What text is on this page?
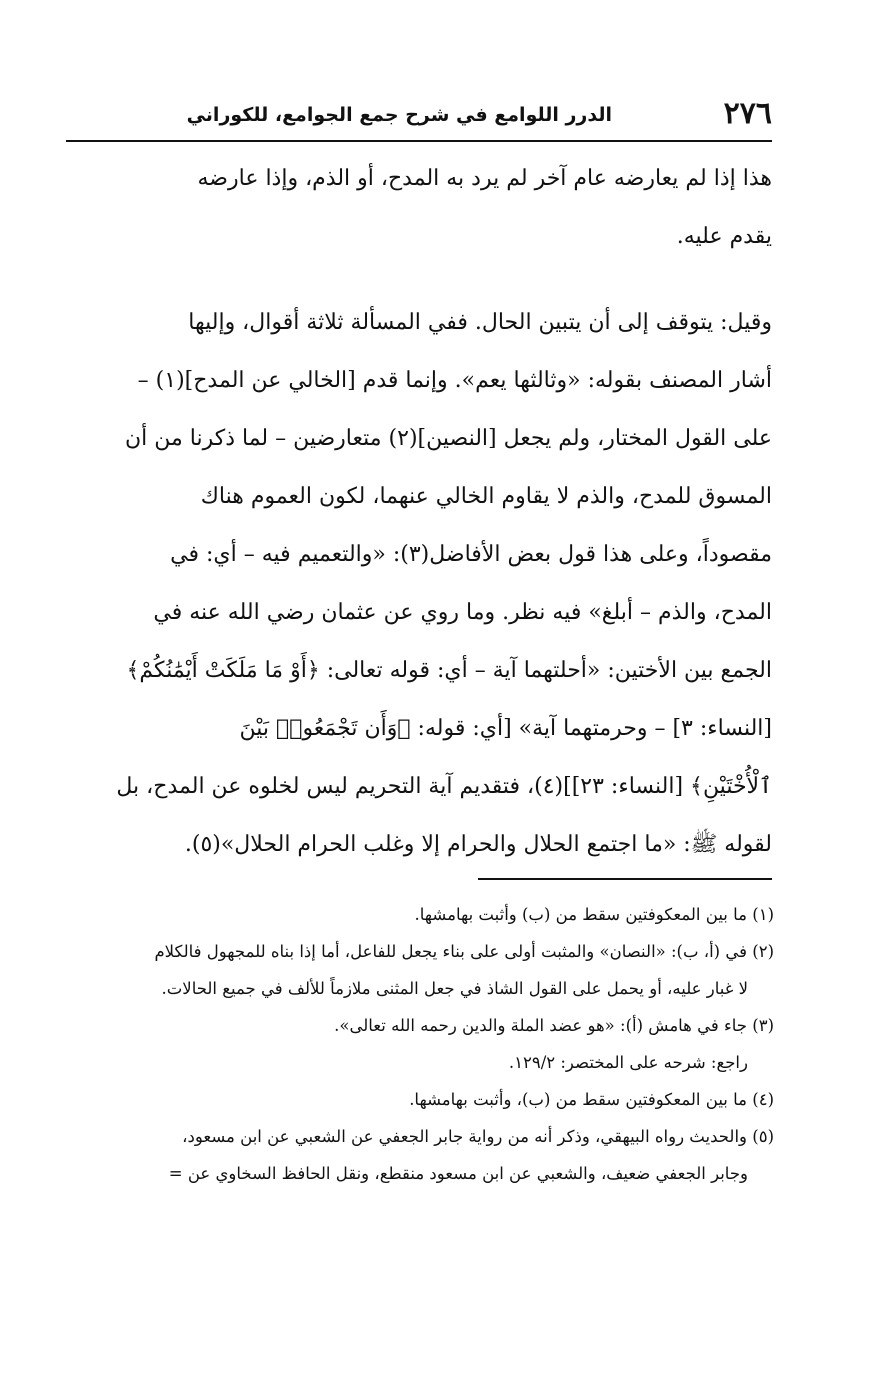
٢٧٦
الدرر اللوامع في شرح جمع الجوامع، للكوراني
هذا إذا لم يعارضه عام آخر لم يرد به المدح، أو الذم، وإذا عارضه
يقدم عليه.
وقيل: يتوقف إلى أن يتبين الحال. ففي المسألة ثلاثة أقوال، وإليها
أشار المصنف بقوله: «وثالثها يعم». وإنما قدم [الخالي عن المدح](١) –
على القول المختار، ولم يجعل [النصين](٢) متعارضين – لما ذكرنا من أن
المسوق للمدح، والذم لا يقاوم الخالي عنهما، لكون العموم هناك
مقصوداً، وعلى هذا قول بعض الأفاضل(٣): «والتعميم فيه – أي: في
المدح، والذم – أبلغ» فيه نظر. وما روي عن عثمان رضي الله عنه في
الجمع بين الأختين: «أحلتهما آية – أي: قوله تعالى: ﴿أَوْ مَا مَلَكَتْ أَيْمَٰنُكُمْ﴾
[النساء: ٣] – وحرمتهما آية» [أي: قوله: ﴿وَأَن تَجْمَعُوا۟ بَيْنَ
ٱلْأُخْتَيْنِ﴾ [النساء: ٢٣]](٤)، فتقديم آية التحريم ليس لخلوه عن المدح، بل
لقوله ﷺ: «ما اجتمع الحلال والحرام إلا وغلب الحرام الحلال»(٥).
(١) ما بين المعكوفتين سقط من (ب) وأثبت بهامشها.
(٢) في (أ، ب): «النصان» والمثبت أولى على بناء يجعل للفاعل، أما إذا بناه للمجهول فالكلام
لا غبار عليه، أو يحمل على القول الشاذ في جعل المثنى ملازماً للألف في جميع الحالات.
(٣) جاء في هامش (أ): «هو عضد الملة والدين رحمه الله تعالى».
راجع: شرحه على المختصر: ١٢٩/٢.
(٤) ما بين المعكوفتين سقط من (ب)، وأثبت بهامشها.
(٥) والحديث رواه البيهقي، وذكر أنه من رواية جابر الجعفي عن الشعبي عن ابن مسعود،
وجابر الجعفي ضعيف، والشعبي عن ابن مسعود منقطع، ونقل الحافظ السخاوي عن =
